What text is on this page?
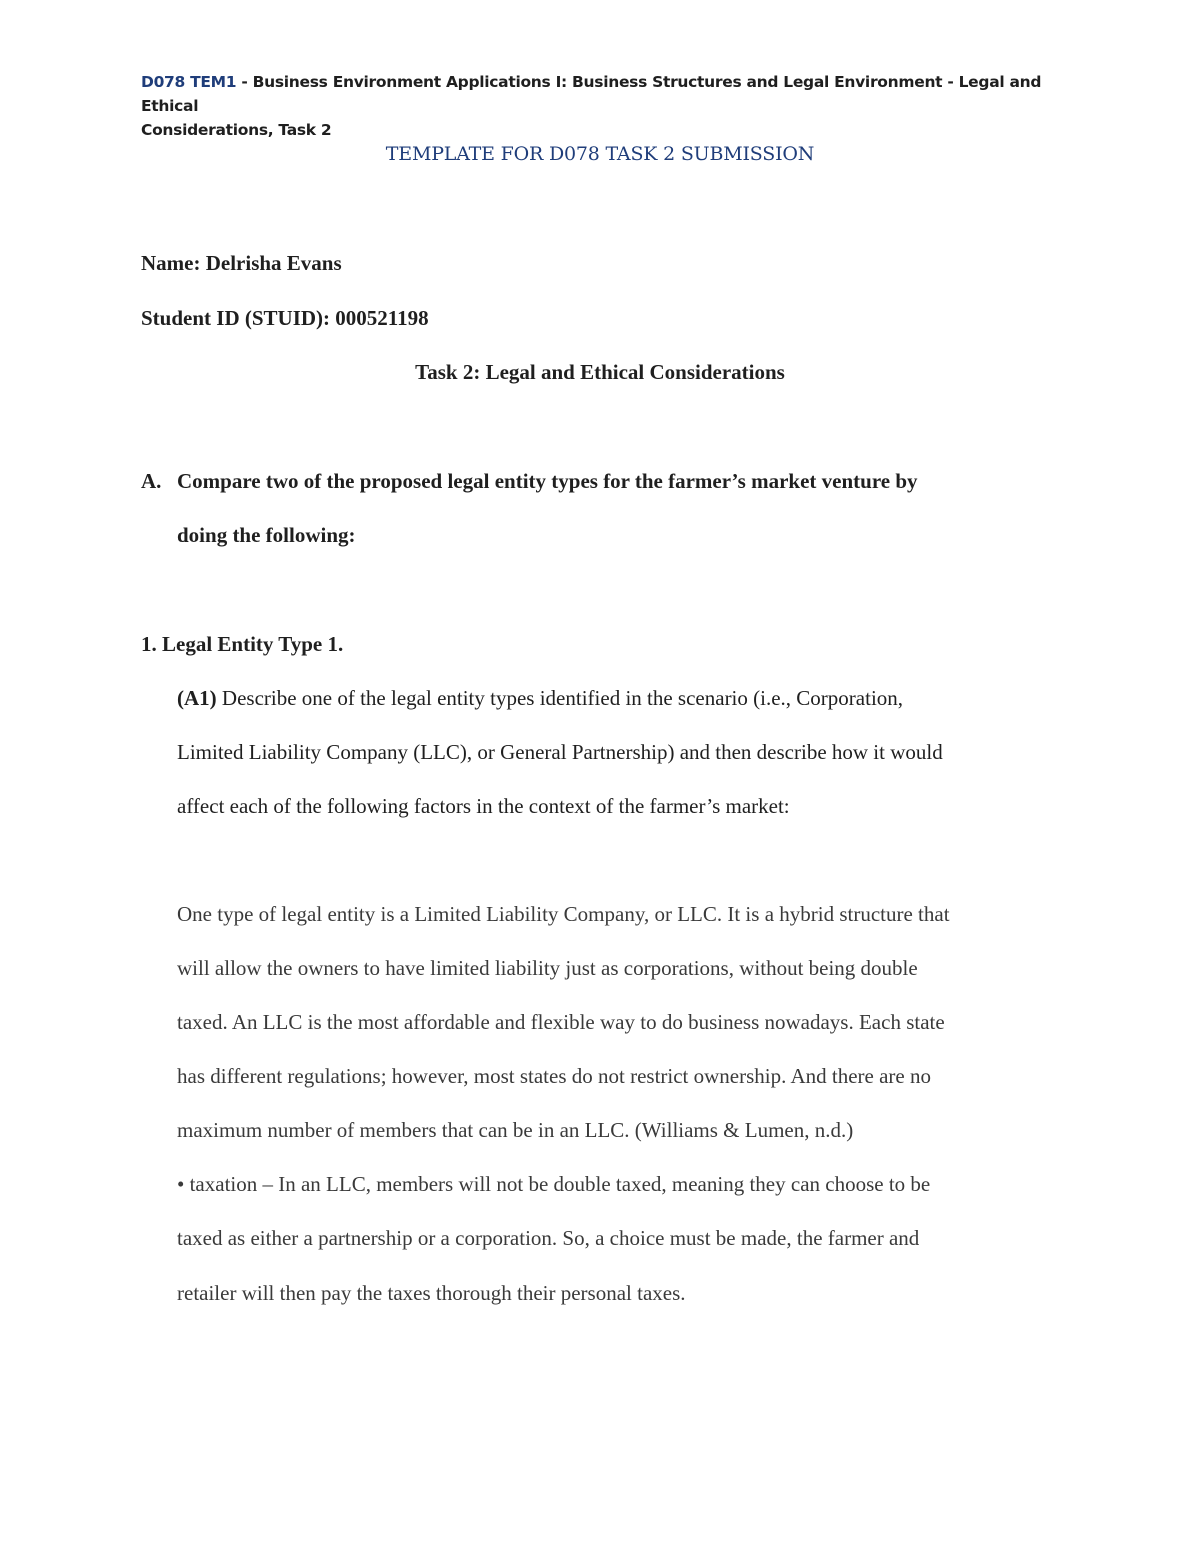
D078 TEM1 - Business Environment Applications I: Business Structures and Legal Environment - Legal and Ethical
Considerations, Task 2
TEMPLATE FOR D078 TASK 2 SUBMISSION
Name: Delrisha Evans
Student ID (STUID): 000521198
Task 2: Legal and Ethical Considerations
A. Compare two of the proposed legal entity types for the farmer’s market venture by
doing the following:
1. Legal Entity Type 1.
(A1) Describe one of the legal entity types identified in the scenario (i.e., Corporation,
Limited Liability Company (LLC), or General Partnership) and then describe how it would
affect each of the following factors in the context of the farmer’s market:
One type of legal entity is a Limited Liability Company, or LLC. It is a hybrid structure that
will allow the owners to have limited liability just as corporations, without being double
taxed. An LLC is the most affordable and flexible way to do business nowadays. Each state
has different regulations; however, most states do not restrict ownership. And there are no
maximum number of members that can be in an LLC. (Williams & Lumen, n.d.)
• taxation – In an LLC, members will not be double taxed, meaning they can choose to be
taxed as either a partnership or a corporation. So, a choice must be made, the farmer and
retailer will then pay the taxes thorough their personal taxes.
